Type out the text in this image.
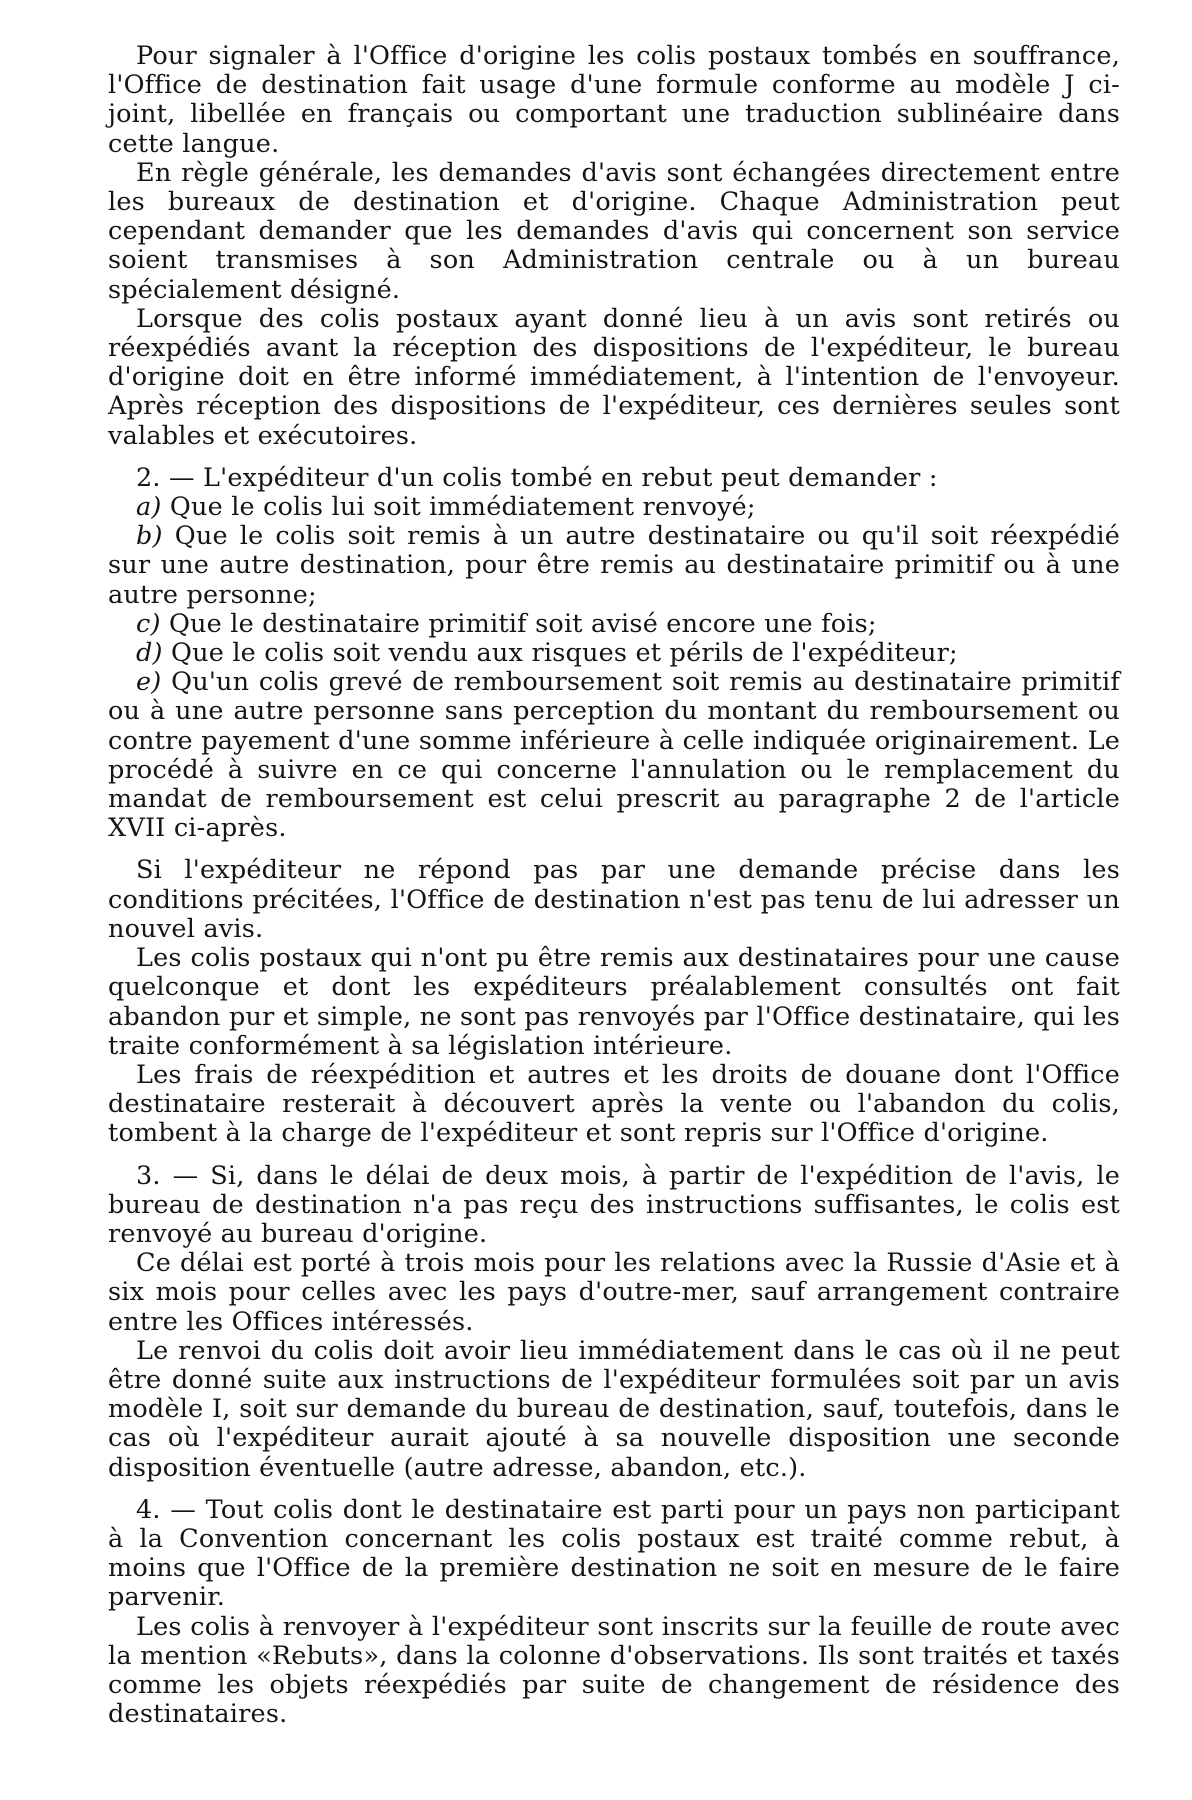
Pour signaler à l'Office d'origine les colis postaux tombés en souffrance, l'Office de destination fait usage d'une formule conforme au modèle J ci-joint, libellée en français ou comportant une traduction sublinéaire dans cette langue.

En règle générale, les demandes d'avis sont échangées directement entre les bureaux de destination et d'origine. Chaque Administration peut cependant demander que les demandes d'avis qui concernent son service soient transmises à son Administration centrale ou à un bureau spécialement désigné.

Lorsque des colis postaux ayant donné lieu à un avis sont retirés ou réexpédiés avant la réception des dispositions de l'expéditeur, le bureau d'origine doit en être informé immédiatement, à l'intention de l'envoyeur. Après réception des dispositions de l'expéditeur, ces dernières seules sont valables et exécutoires.

2. — L'expéditeur d'un colis tombé en rebut peut demander :

a) Que le colis lui soit immédiatement renvoyé;

b) Que le colis soit remis à un autre destinataire ou qu'il soit réexpédié sur une autre destination, pour être remis au destinataire primitif ou à une autre personne;

c) Que le destinataire primitif soit avisé encore une fois;

d) Que le colis soit vendu aux risques et périls de l'expéditeur;

e) Qu'un colis grevé de remboursement soit remis au destinataire primitif ou à une autre personne sans perception du montant du remboursement ou contre payement d'une somme inférieure à celle indiquée originairement. Le procédé à suivre en ce qui concerne l'annulation ou le remplacement du mandat de remboursement est celui prescrit au paragraphe 2 de l'article XVII ci-après.

Si l'expéditeur ne répond pas par une demande précise dans les conditions précitées, l'Office de destination n'est pas tenu de lui adresser un nouvel avis.

Les colis postaux qui n'ont pu être remis aux destinataires pour une cause quelconque et dont les expéditeurs préalablement consultés ont fait abandon pur et simple, ne sont pas renvoyés par l'Office destinataire, qui les traite conformément à sa législation intérieure.

Les frais de réexpédition et autres et les droits de douane dont l'Office destinataire resterait à découvert après la vente ou l'abandon du colis, tombent à la charge de l'expéditeur et sont repris sur l'Office d'origine.

3. — Si, dans le délai de deux mois, à partir de l'expédition de l'avis, le bureau de destination n'a pas reçu des instructions suffisantes, le colis est renvoyé au bureau d'origine.

Ce délai est porté à trois mois pour les relations avec la Russie d'Asie et à six mois pour celles avec les pays d'outre-mer, sauf arrangement contraire entre les Offices intéressés.

Le renvoi du colis doit avoir lieu immédiatement dans le cas où il ne peut être donné suite aux instructions de l'expéditeur formulées soit par un avis modèle I, soit sur demande du bureau de destination, sauf, toutefois, dans le cas où l'expéditeur aurait ajouté à sa nouvelle disposition une seconde disposition éventuelle (autre adresse, abandon, etc.).

4. — Tout colis dont le destinataire est parti pour un pays non participant à la Convention concernant les colis postaux est traité comme rebut, à moins que l'Office de la première destination ne soit en mesure de le faire parvenir.

Les colis à renvoyer à l'expéditeur sont inscrits sur la feuille de route avec la mention «Rebuts», dans la colonne d'observations. Ils sont traités et taxés comme les objets réexpédiés par suite de changement de résidence des destinataires.
